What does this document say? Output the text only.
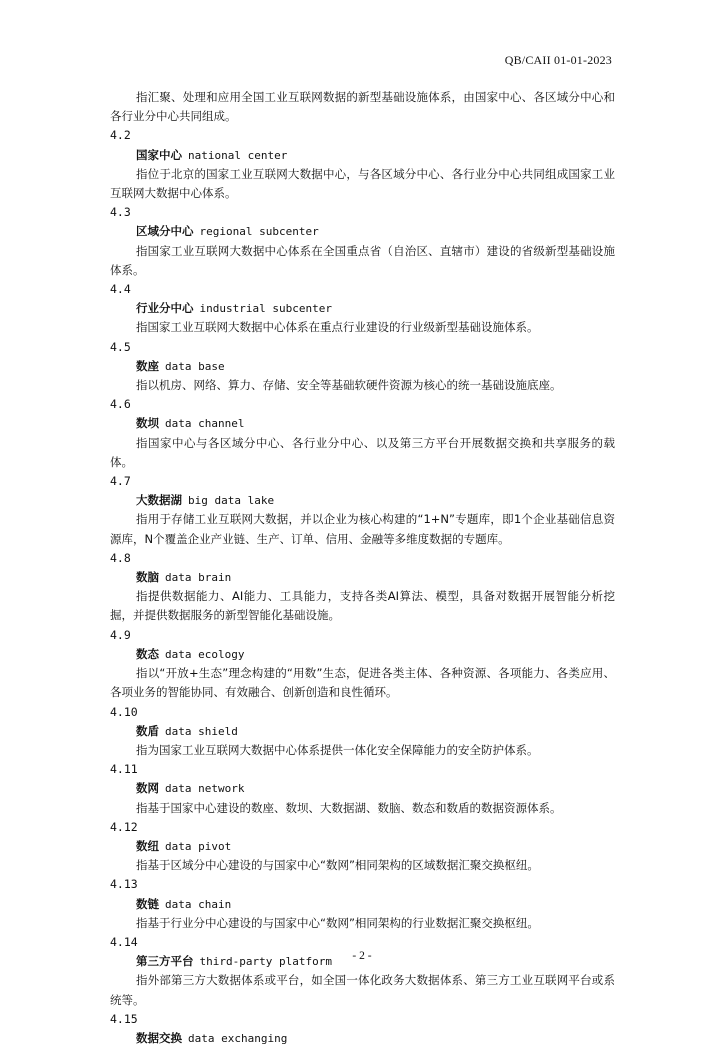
QB/CAII 01-01-2023

指汇聚、处理和应用全国工业互联网数据的新型基础设施体系，由国家中心、各区域分中心和各行业分中心共同组成。

4.2

国家中心 national center

指位于北京的国家工业互联网大数据中心，与各区域分中心、各行业分中心共同组成国家工业互联网大数据中心体系。

4.3

区域分中心 regional subcenter

指国家工业互联网大数据中心体系在全国重点省（自治区、直辖市）建设的省级新型基础设施体系。

4.4

行业分中心 industrial subcenter

指国家工业互联网大数据中心体系在重点行业建设的行业级新型基础设施体系。

4.5

数座 data base

指以机房、网络、算力、存储、安全等基础软硬件资源为核心的统一基础设施底座。

4.6

数坝 data channel

指国家中心与各区域分中心、各行业分中心、以及第三方平台开展数据交换和共享服务的载体。

4.7

大数据湖 big data lake

指用于存储工业互联网大数据，并以企业为核心构建的“1+N”专题库，即1个企业基础信息资源库，N个覆盖企业产业链、生产、订单、信用、金融等多维度数据的专题库。

4.8

数脑 data brain

指提供数据能力、AI能力、工具能力，支持各类AI算法、模型，具备对数据开展智能分析挖掘，并提供数据服务的新型智能化基础设施。

4.9

数态 data ecology

指以“开放+生态”理念构建的“用数”生态，促进各类主体、各种资源、各项能力、各类应用、各项业务的智能协同、有效融合、创新创造和良性循环。

4.10

数盾 data shield

指为国家工业互联网大数据中心体系提供一体化安全保障能力的安全防护体系。

4.11

数网 data network

指基于国家中心建设的数座、数坝、大数据湖、数脑、数态和数盾的数据资源体系。

4.12

数纽 data pivot

指基于区域分中心建设的与国家中心“数网”相同架构的区域数据汇聚交换枢纽。

4.13

数链 data chain

指基于行业分中心建设的与国家中心“数网”相同架构的行业数据汇聚交换枢纽。

4.14

第三方平台 third-party platform

指外部第三方大数据体系或平台，如全国一体化政务大数据体系、第三方工业互联网平台或系统等。

4.15

数据交换 data exchanging

- 2 -
